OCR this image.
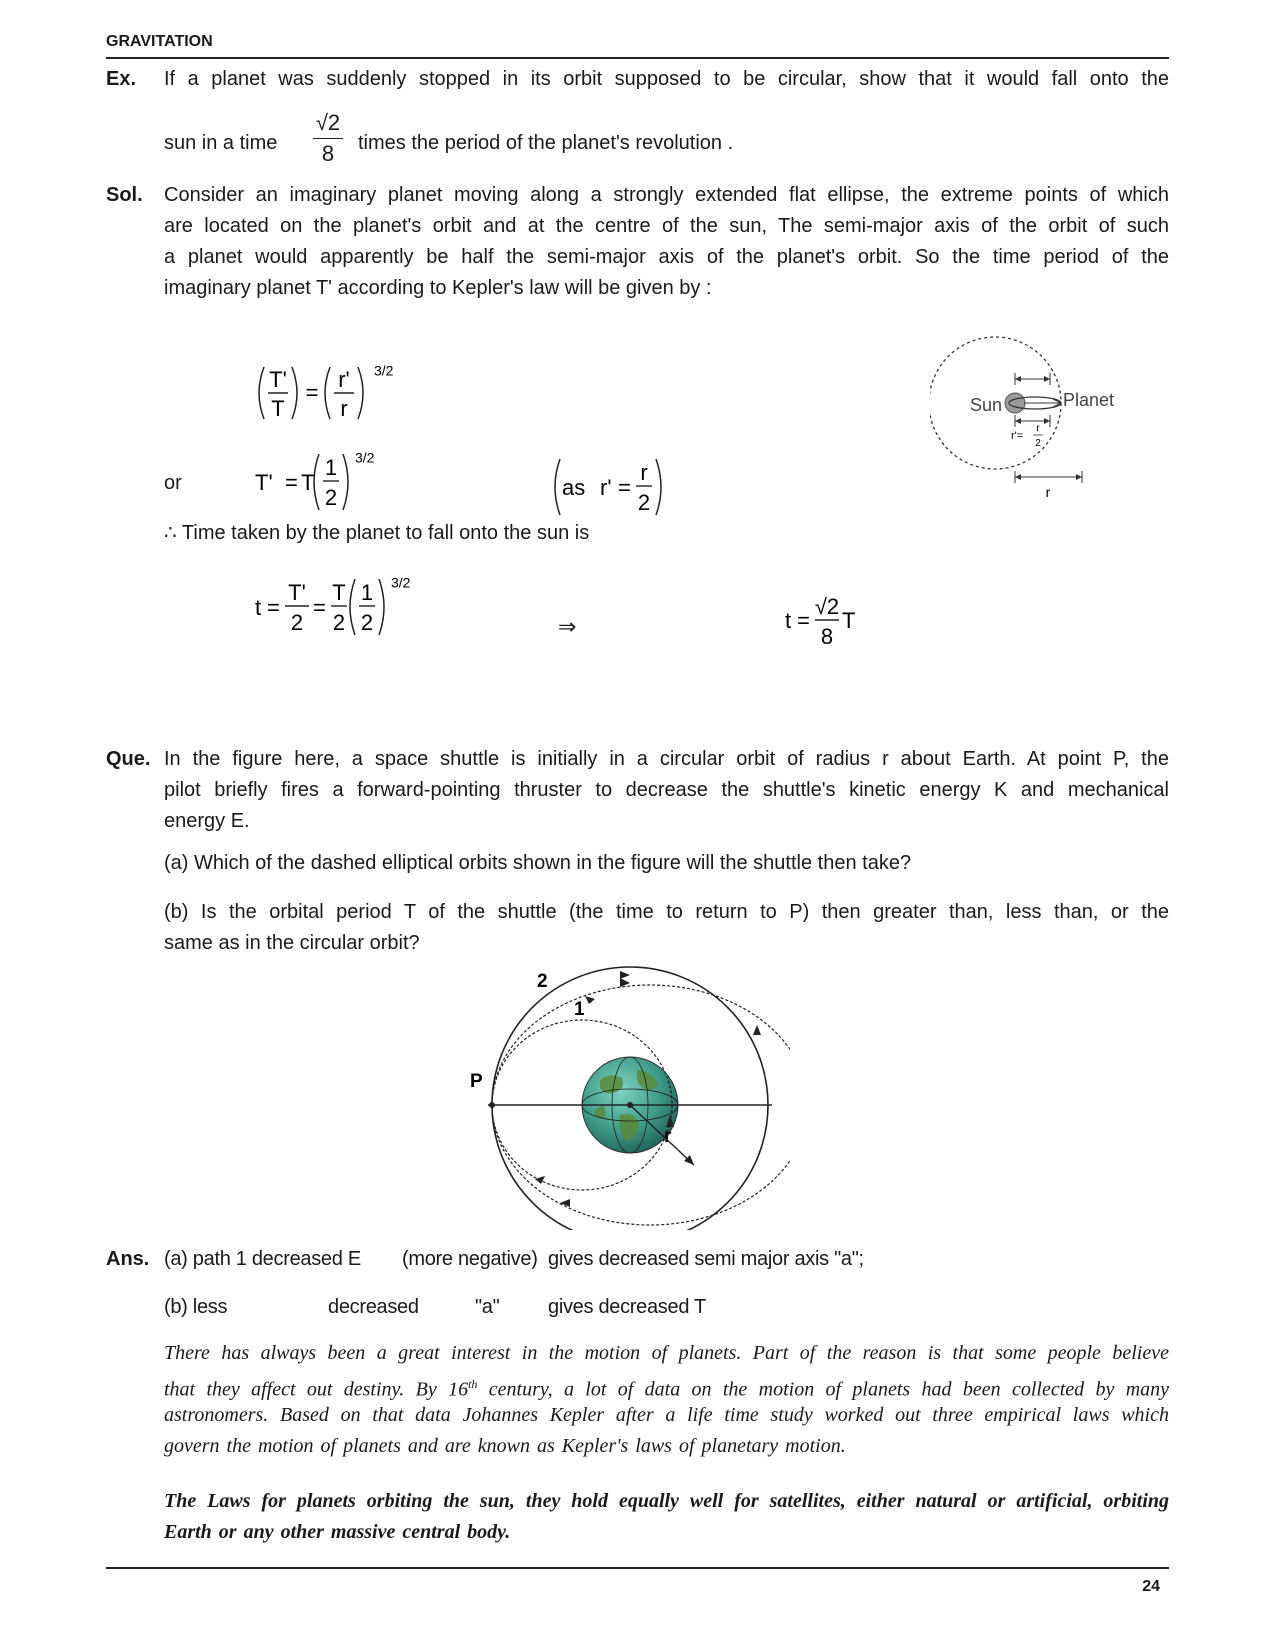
GRAVITATION
Ex. If a planet was suddenly stopped in its orbit supposed to be circular, show that it would fall onto the
sun in a time
√2
8	times the period of the planet's revolution .
Sol. Consider an imaginary planet moving along a strongly extended flat ellipse, the extreme points of which
are located on the planet's orbit and at the centre of the sun, The semi-major axis of the orbit of such
a planet would apparently be half the semi-major axis of the planet's orbit. So the time period of the
imaginary planet T' according to Kepler's law will be given by :
T'
T
=
r'
r
3/2
or	T' = T
1
2
3/2
as r' =
r
2
r'=
r
2
r
Sun	Planet
∴ Time taken by the planet to fall onto the sun is
t =
T'
2
=
T
2
1
2
3/2
⇒	t =
√2
8
T
Que. In the figure here, a space shuttle is initially in a circular orbit of radius r about Earth. At point P, the
pilot briefly fires a forward-pointing thruster to decrease the shuttle's kinetic energy K and mechanical
energy E.
(a) Which of the dashed elliptical orbits shown in the figure will the shuttle then take?
(b) Is the orbital period T of the shuttle (the time to return to P) then greater than, less than, or the
same as in the circular orbit?
P
2
1
r
Ans. (a) path 1 decreased E (more negative) gives decreased semi major axis "a";
(b) less	decreased	"a" gives decreased T
There has always been a great interest in the motion of planets. Part of the reason is that some people believe
that they affect out destiny. By 16th century, a lot of data on the motion of planets had been collected by many
astronomers. Based on that data Johannes Kepler after a life time study worked out three empirical laws which
govern the motion of planets and are known as Kepler's laws of planetary motion.
The Laws for planets orbiting the sun, they hold equally well for satellites, either natural or artificial, orbiting
Earth or any other massive central body.
24
